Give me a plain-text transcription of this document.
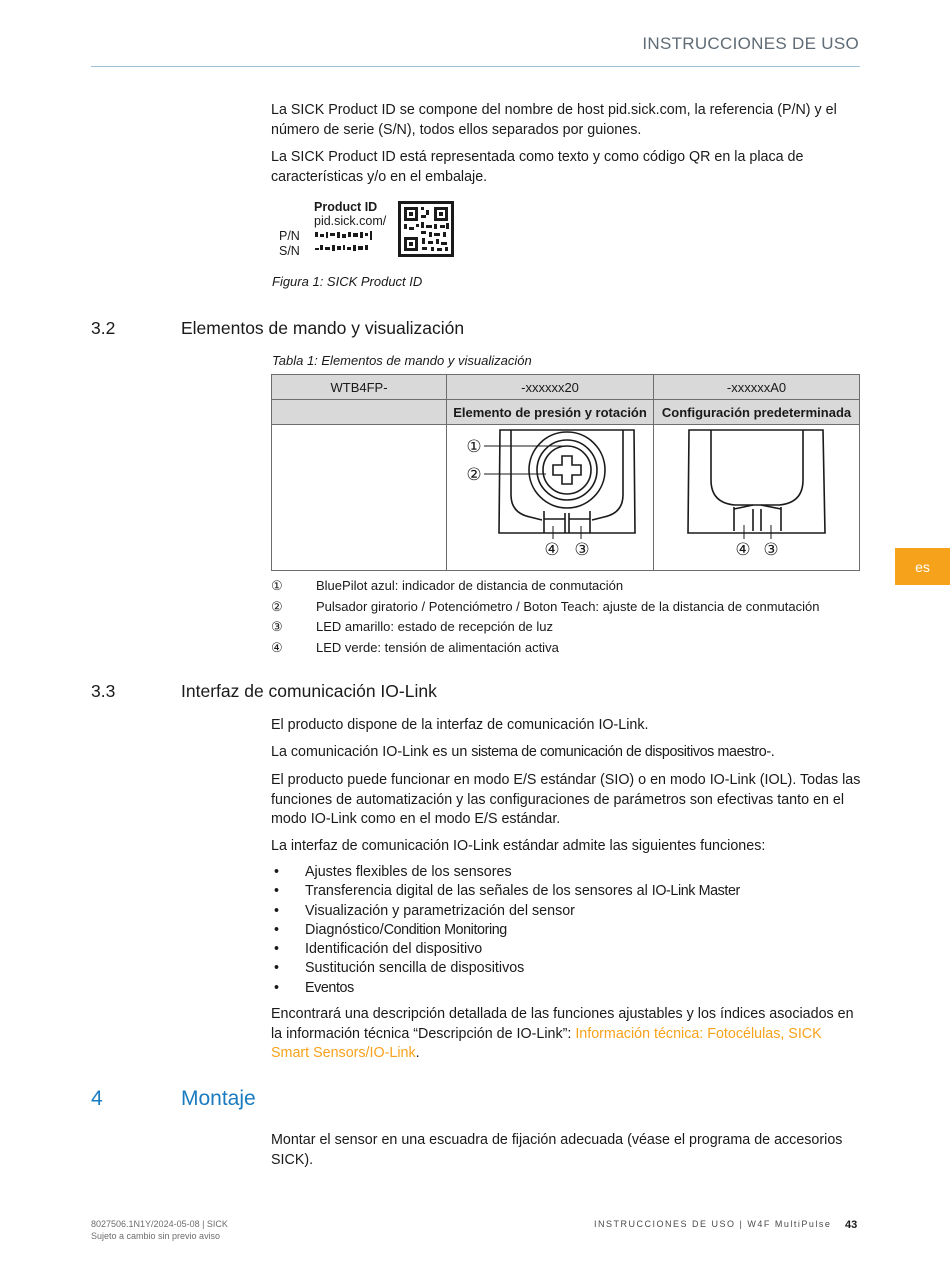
INSTRUCCIONES DE USO
es

La SICK Product ID se compone del nombre de host pid.sick.com, la referencia (P/N) y el número de serie (S/N), todos ellos separados por guiones.

La SICK Product ID está representada como texto y como código QR en la placa de características y/o en el embalaje.

Product ID
pid.sick.com/
P/N
S/N
Figura 1: SICK Product ID
3.2	Elementos de mando y visualización
Tabla 1: Elementos de mando y visualización
WTB4FP-	-xxxxxx20	-xxxxxxA0
	Elemento de presión y rotación	Configuración predeterminada

①
②
④ ③	④ ③
①	BluePilot azul: indicador de distancia de conmutación
②	Pulsador giratorio / Potenciómetro / Boton Teach: ajuste de la distancia de conmutación
③	LED amarillo: estado de recepción de luz
④	LED verde: tensión de alimentación activa
3.3	Interfaz de comunicación IO-Link

El producto dispone de la interfaz de comunicación IO-Link.

La comunicación IO-Link es un sistema de comunicación de dispositivos maestro-.

El producto puede funcionar en modo E/S estándar (SIO) o en modo IO-Link (IOL). Todas las funciones de automatización y las configuraciones de parámetros son efectivas tanto en el modo IO-Link como en el modo E/S estándar.

La interfaz de comunicación IO-Link estándar admite las siguientes funciones:

• Ajustes flexibles de los sensores
• Transferencia digital de las señales de los sensores al IO-Link Master
• Visualización y parametrización del sensor
• Diagnóstico/Condition Monitoring
• Identificación del dispositivo
• Sustitución sencilla de dispositivos
• Eventos

Encontrará una descripción detallada de las funciones ajustables y los índices asociados en la información técnica “Descripción de IO-Link”: Información técnica: Fotocélulas, SICK Smart Sensors/IO-Link.

4	Montaje

Montar el sensor en una escuadra de fijación adecuada (véase el programa de accesorios SICK).

8027506.1N1Y/2024-05-08 | SICK
Sujeto a cambio sin previo aviso
INSTRUCCIONES DE USO | W4F MultiPulse 43
